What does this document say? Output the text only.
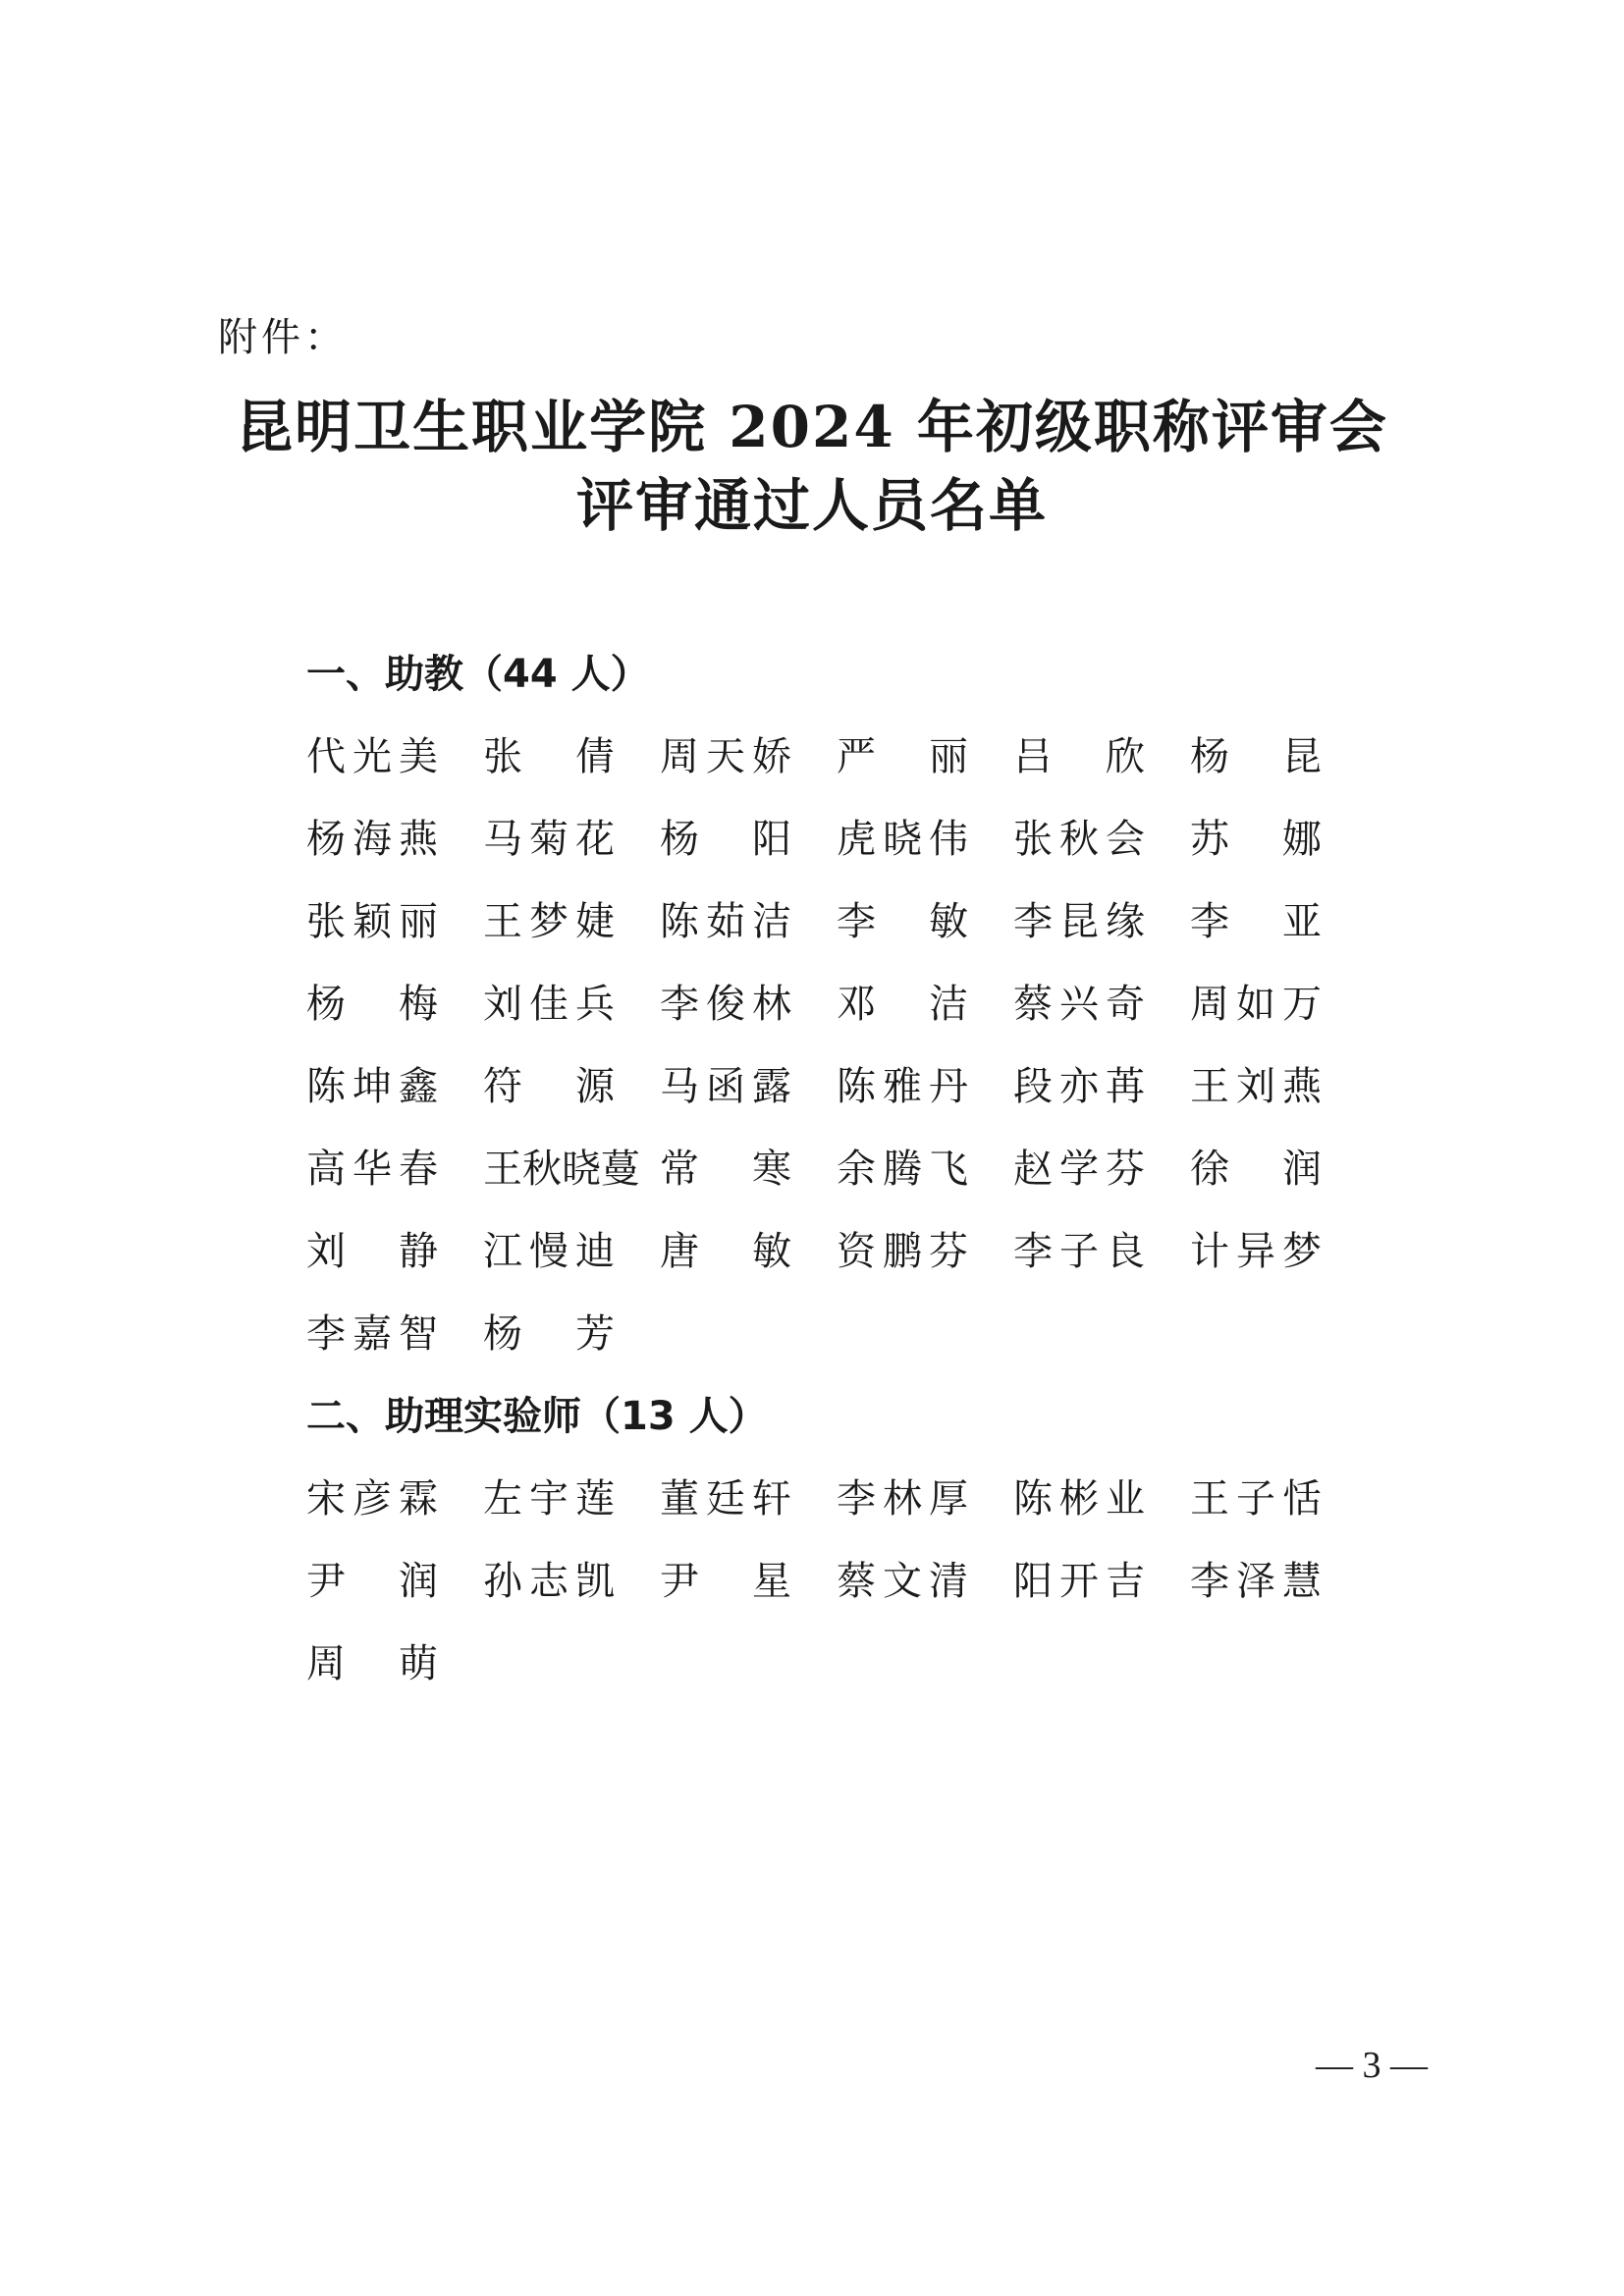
附件：
昆明卫生职业学院 2024 年初级职称评审会
评审通过人员名单
一、助教（44 人）
代光美	张　倩	周天娇	严　丽	吕　欣	杨　昆
杨海燕	马菊花	杨　阳	虎晓伟	张秋会	苏　娜
张颖丽	王梦婕	陈茹洁	李　敏	李昆缘	李　亚
杨　梅	刘佳兵	李俊林	邓　洁	蔡兴奇	周如万
陈坤鑫	符　源	马函露	陈雅丹	段亦苒	王刘燕
高华春	王秋晓蔓 常　寒	余腾飞	赵学芬	徐　润
刘　静	江慢迪	唐　敏	资鹏芬	李子良	计异梦
李嘉智	杨　芳
二、助理实验师（13 人）
宋彦霖	左宇莲	董廷轩	李林厚	陈彬业	王子恬
尹　润	孙志凯	尹　星	蔡文清	阳开吉	李泽慧
周　萌
— 3 —
